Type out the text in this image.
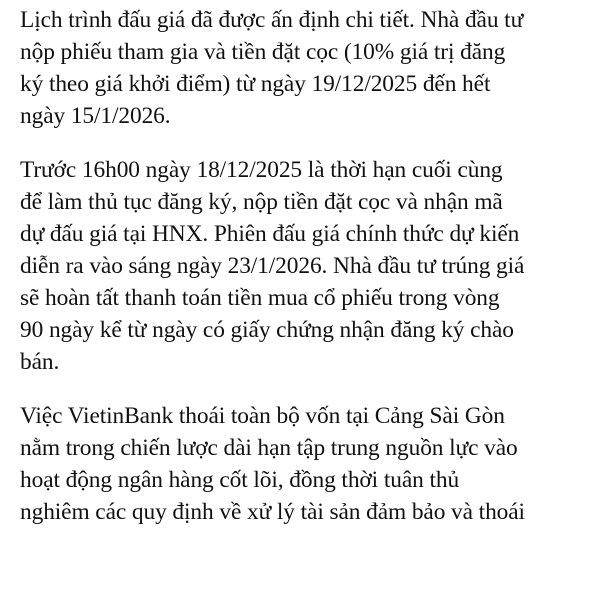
Lịch trình đấu giá đã được ấn định chi tiết. Nhà đầu tư
nộp phiếu tham gia và tiền đặt cọc (10% giá trị đăng
ký theo giá khởi điểm) từ ngày 19/12/2025 đến hết
ngày 15/1/2026.

Trước 16h00 ngày 18/12/2025 là thời hạn cuối cùng
để làm thủ tục đăng ký, nộp tiền đặt cọc và nhận mã
dự đấu giá tại HNX. Phiên đấu giá chính thức dự kiến
diễn ra vào sáng ngày 23/1/2026. Nhà đầu tư trúng giá
sẽ hoàn tất thanh toán tiền mua cổ phiếu trong vòng
90 ngày kể từ ngày có giấy chứng nhận đăng ký chào
bán.

Việc VietinBank thoái toàn bộ vốn tại Cảng Sài Gòn
nằm trong chiến lược dài hạn tập trung nguồn lực vào
hoạt động ngân hàng cốt lõi, đồng thời tuân thủ
nghiêm các quy định về xử lý tài sản đảm bảo và thoái
